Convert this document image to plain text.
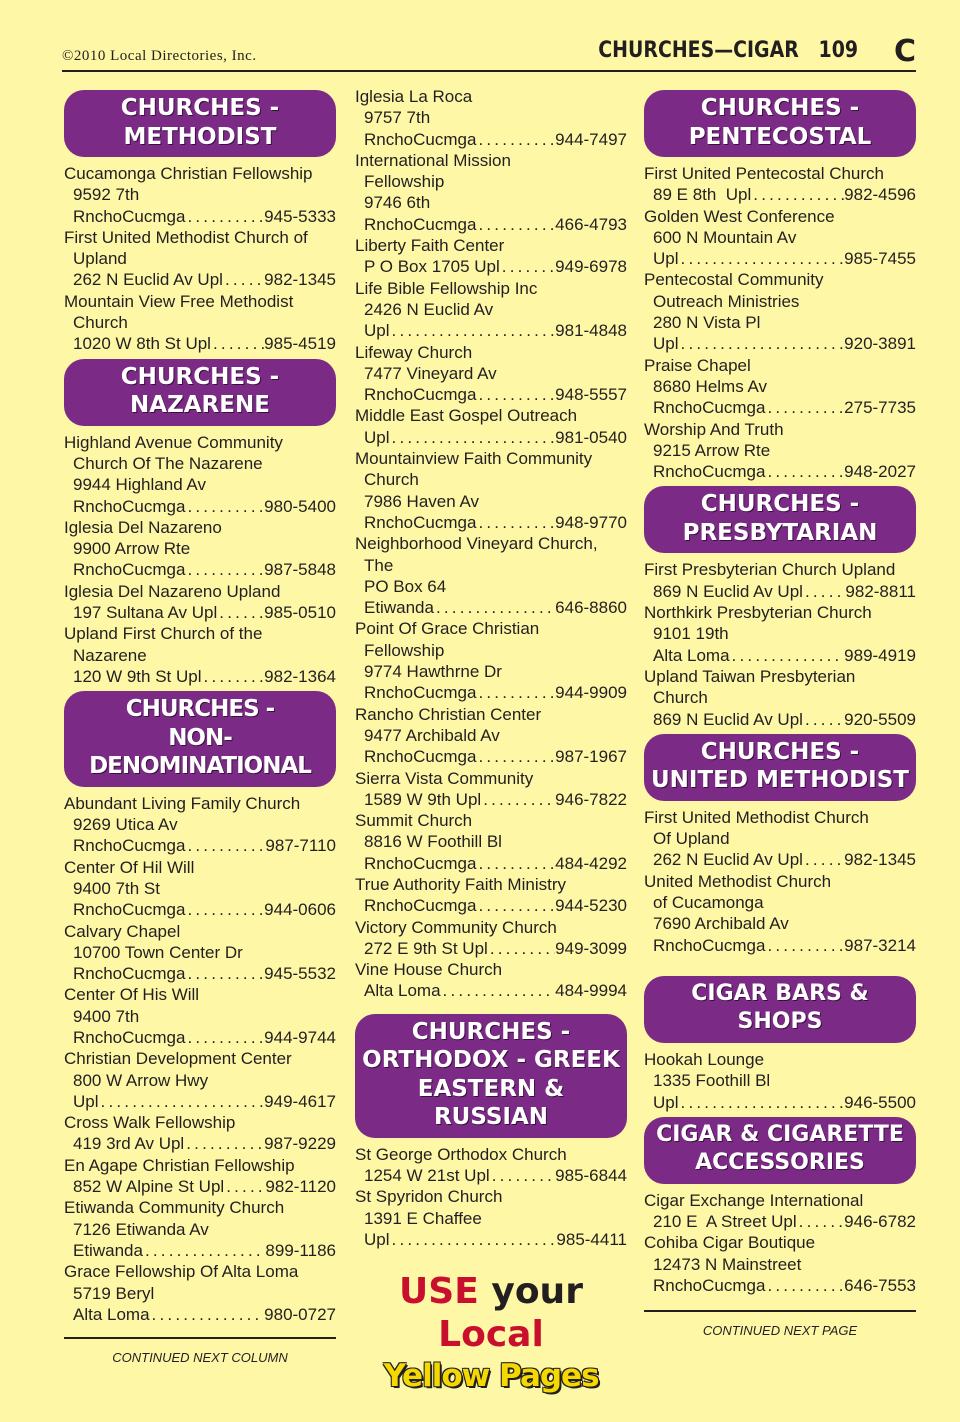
©2010 Local Directories, Inc.	CHURCHES—CIGAR   109 C
CHURCHES -
METHODIST
Cucamonga Christian Fellowship
9592 7th
RnchoCucmga .....	945-5333
First United Methodist Church of
Upland
262 N Euclid Av Upl ..... 982-1345
Mountain View Free Methodist
Church
1020 W 8th St Upl .....	985-4519
CHURCHES -
NAZARENE
Highland Avenue Community
Church Of The Nazarene
9944 Highland Av
RnchoCucmga .....	980-5400
Iglesia Del Nazareno
9900 Arrow Rte
RnchoCucmga .....	987-5848
Iglesia Del Nazareno Upland
197 Sultana Av Upl .....	985-0510
Upland First Church of the
Nazarene
120 W 9th St Upl .....	982-1364
CHURCHES -
NON-DENOMINATIONAL
Abundant Living Family Church
9269 Utica Av
RnchoCucmga .....	987-7110
Center Of Hil Will
9400 7th St
RnchoCucmga .....	944-0606
Calvary Chapel
10700 Town Center Dr
RnchoCucmga .....	945-5532
Center Of His Will
9400 7th
RnchoCucmga .....	944-9744
Christian Development Center
800 W Arrow Hwy
Upl .....	949-4617
Cross Walk Fellowship
419 3rd Av Upl .....	987-9229
En Agape Christian Fellowship
852 W Alpine St Upl ..... 982-1120
Etiwanda Community Church
7126 Etiwanda Av
Etiwanda .....	899-1186
Grace Fellowship Of Alta Loma
5719 Beryl
Alta Loma .....	980-0727
CONTINUED NEXT COLUMN
Iglesia La Roca
9757 7th
RnchoCucmga .....	944-7497
International Mission
Fellowship
9746 6th
RnchoCucmga .....	466-4793
Liberty Faith Center
P O Box 1705 Upl .....	949-6978
Life Bible Fellowship Inc
2426 N Euclid Av
Upl .....	981-4848
Lifeway Church
7477 Vineyard Av
RnchoCucmga .....	948-5557
Middle East Gospel Outreach
Upl .....	981-0540
Mountainview Faith Community
Church
7986 Haven Av
RnchoCucmga .....	948-9770
Neighborhood Vineyard Church,
The
PO Box 64
Etiwanda .....	646-8860
Point Of Grace Christian
Fellowship
9774 Hawthrne Dr
RnchoCucmga .....	944-9909
Rancho Christian Center
9477 Archibald Av
RnchoCucmga .....	987-1967
Sierra Vista Community
1589 W 9th Upl .....	946-7822
Summit Church
8816 W Foothill Bl
RnchoCucmga .....	484-4292
True Authority Faith Ministry
RnchoCucmga .....	944-5230
Victory Community Church
272 E 9th St Upl .....	949-3099
Vine House Church
Alta Loma .....	484-9994
CHURCHES -
ORTHODOX - GREEK
EASTERN & RUSSIAN
St George Orthodox Church
1254 W 21st Upl .....	985-6844
St Spyridon Church
1391 E Chaffee
Upl .....	985-4411
USE your
Local
Yellow Pages
CHURCHES -
PENTECOSTAL
First United Pentecostal Church
89 E 8th  Upl .....	982-4596
Golden West Conference
600 N Mountain Av
Upl .....	985-7455
Pentecostal Community
Outreach Ministries
280 N Vista Pl
Upl .....	920-3891
Praise Chapel
8680 Helms Av
RnchoCucmga .....	275-7735
Worship And Truth
9215 Arrow Rte
RnchoCucmga .....	948-2027
CHURCHES -
PRESBYTARIAN
First Presbyterian Church Upland
869 N Euclid Av Upl ..... 982-8811
Northkirk Presbyterian Church
9101 19th
Alta Loma .....	989-4919
Upland Taiwan Presbyterian
Church
869 N Euclid Av Upl ..... 920-5509
CHURCHES -
UNITED METHODIST
First United Methodist Church
Of Upland
262 N Euclid Av Upl ..... 982-1345
United Methodist Church
of Cucamonga
7690 Archibald Av
RnchoCucmga .....	987-3214
CIGAR BARS & SHOPS
Hookah Lounge
1335 Foothill Bl
Upl .....	946-5500
CIGAR & CIGARETTE
ACCESSORIES
Cigar Exchange International
210 E  A Street Upl .....	946-6782
Cohiba Cigar Boutique
12473 N Mainstreet
RnchoCucmga .....	646-7553
CONTINUED NEXT PAGE
